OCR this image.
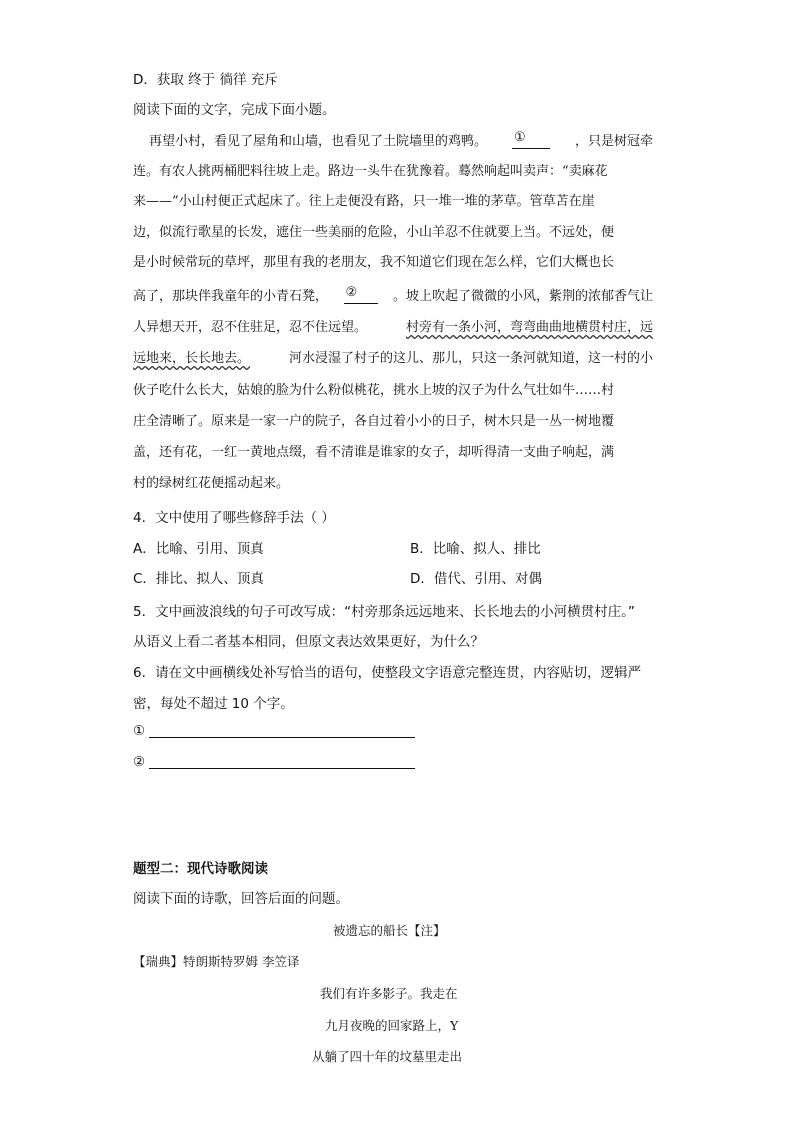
D．获取 终于 徜徉 充斥
阅读下面的文字，完成下面小题。
再望小村，看见了屋角和山墙，也看见了土院墙里的鸡鸭。 ①	，只是树冠牵
连。有农人挑两桶肥料往坡上走。路边一头牛在犹豫着。蓦然响起叫卖声：“卖麻花
来——”小山村便正式起床了。往上走便没有路，只一堆一堆的茅草。管草苫在崖
边，似流行歌星的长发，遮住一些美丽的危险，小山羊忍不住就要上当。不远处，便
是小时候常玩的草坪，那里有我的老朋友，我不知道它们现在怎么样，它们大概也长
高了，那块伴我童年的小青石凳， ②	。坡上吹起了微微的小风，紫荆的浓郁香气让
人异想天开，忍不住驻足，忍不住远望。	村旁有一条小河，弯弯曲曲地横贯村庄，远
远地来，长长地去。	河水浸湿了村子的这儿、那儿，只这一条河就知道，这一村的小
伙子吃什么长大，姑娘的脸为什么粉似桃花，挑水上坡的汉子为什么气壮如牛……村
庄全清晰了。原来是一家一户的院子，各自过着小小的日子，树木只是一丛一树地覆
盖，还有花，一红一黄地点缀，看不清谁是谁家的女子，却听得清一支曲子响起，满
村的绿树红花便摇动起来。
4．文中使用了哪些修辞手法（ ）
A．比喻、引用、顶真	B．比喻、拟人、排比
C．排比、拟人、顶真	D．借代、引用、对偶
5．文中画波浪线的句子可改写成：“村旁那条远远地来、长长地去的小河横贯村庄。”
从语义上看二者基本相同，但原文表达效果更好，为什么？
6．请在文中画横线处补写恰当的语句，使整段文字语意完整连贯，内容贴切，逻辑严
密，每处不超过 10 个字。
①
②
题型二：现代诗歌阅读
阅读下面的诗歌，回答后面的问题。
被遗忘的船长【注】
【瑞典】特朗斯特罗姆 李笠译
我们有许多影子。我走在
九月夜晚的回家路上，Y
从躺了四十年的坟墓里走出
